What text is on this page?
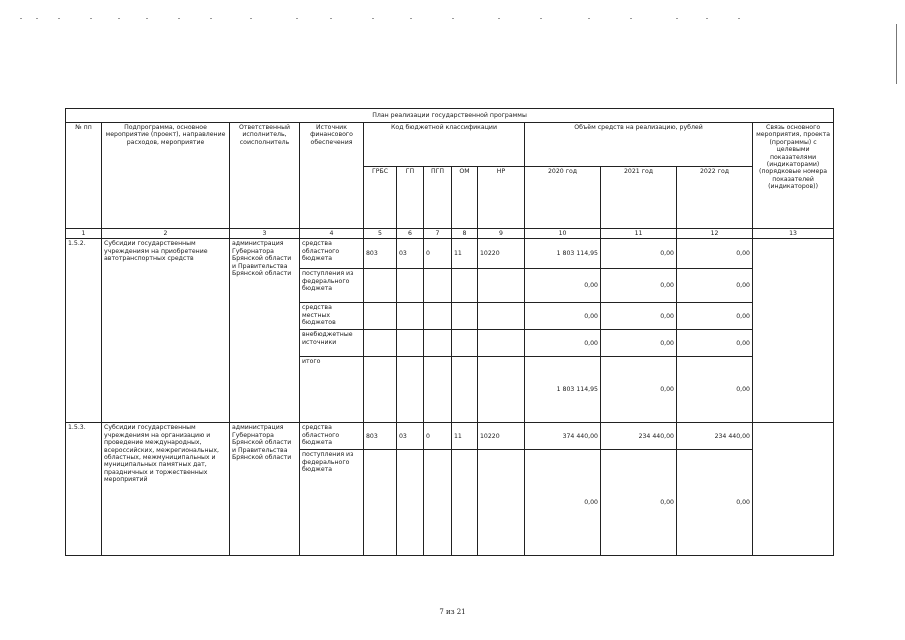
План реализации государственной программы												
№ пп	Подпрограмма, основное мероприятие (проект), направление расходов, мероприятие	Ответственный исполнитель, соисполнитель	Источник финансового обеспечения	Код бюджетной классификации					Объём средств на реализацию, рублей			Связь основного мероприятия, проекта (программы) с целевыми показателями (индикаторами) (порядковые номера показателей (индикаторов))
				ГРБС	ГП	ПГП	ОМ	НР	2020 год	2021 год	2022 год	
1	2	3	4	5	6	7	8	9	10	11	12	13
1.5.2.	Субсидии государственным учреждениям на приобретение автотранспортных средств	администрация Губернатора Брянской области и Правительства Брянской области	средства областного бюджета	803	03	0	11	10220	1 803 114,95	0,00	0,00	
			поступления из федерального бюджета						0,00	0,00	0,00	
			средства местных бюджетов						0,00	0,00	0,00	
			внебюджетные источники						0,00	0,00	0,00	
			итого						1 803 114,95	0,00	0,00	
1.5.3.	Субсидии государственным учреждениям на организацию и проведение международных, всероссийских, межрегиональных, областных, межмуниципальных и муниципальных памятных дат, праздничных и торжественных мероприятий	администрация Губернатора Брянской области и Правительства Брянской области	средства областного бюджета	803	03	0	11	10220	374 440,00	234 440,00	234 440,00	
			поступления из федерального бюджета						0,00	0,00	0,00	
7 из 21
